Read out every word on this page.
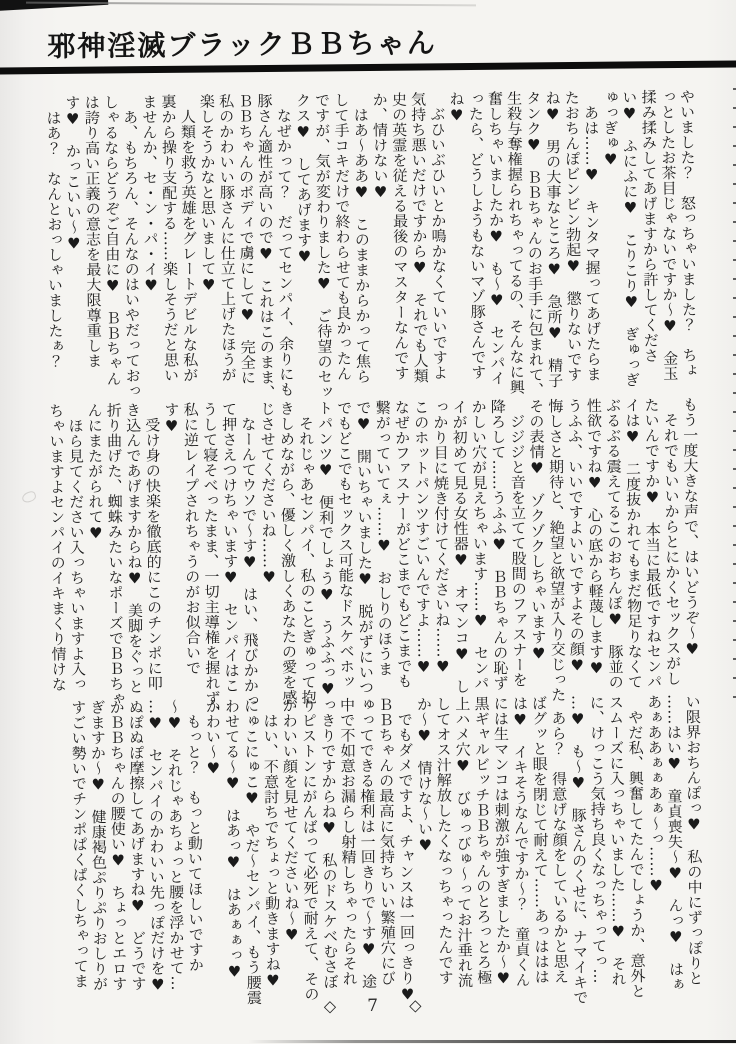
邪神淫滅ブラックＢＢちゃん
やいました？　怒っちゃいました？　ちょ
っとしたお茶目じゃないですか～♥　金玉
揉み揉みしてあげますから許してくださ
い♥　ふにふに♥　こりこり♥　ぎゅっぎ
ゅっぎゅ♥
　あは……♥　キンタマ握ってあげたらま
たおちんぽビンビン勃起♥　懲りないです
ね♥　男の大事なところ♥　急所♥　精子
タンク♥　ＢＢちゃんのお手手に包まれて、
生殺与奪権握られちゃってるの、そんなに興
奮しちゃいましたか♥　も～♥　センパイ
ったら、どうしようもないマゾ豚さんです
ね♥
　ぶひいぶひいとか鳴かなくていいですよ
気持ち悪いだけですから♥　それでも人類
史の英霊を従える最後のマスターなんです
か、情けない♥
　はあ～ああ♥　このままからかって焦ら
して手コキだけで終わらせても良かったん
ですが、気が変わりました♥　ご待望のセッ
クス♥　してあげます♥
　なぜかって？　だってセンパイ、余りにも
豚さん適性が高いので♥　これはこのまま、
ＢＢちゃんのボディで虜にして♥　完全に
私のかわいい豚さんに仕立て上げたほうが
楽しそうかなと思いまして♥
　人類を救う英雄をグレートデビルな私が
裏から操り支配する……楽しそうだと思い
ませんか、セ・ン・パ・イ♥
　あ、もちろん、そんなのはいやだっておっ
しゃるならどうぞご自由に♥　ＢＢちゃん
は誇り高い正義の意志を最大限尊重しま
す♥　かっこいい～♥
　はあ？　なんとおっしゃいましたぁ？
もう一度大きな声で、はいどうぞ～♥
　それでもいいからとにかくセックスがし
たいんですか♥　本当に最低ですねセンパ
イは♥　二度抜かれてもまだ物足りなくて
ぶるぶる震えてるこのおちんぽ♥　豚並の
性欲ですね♥　心の底から軽蔑します♥
うふふ、いいですよいいですよその顔♥
悔しさと期待と、絶望と欲望が入り交じった
その表情♥　ゾクゾクしちゃいます♥
　ジジジと音を立てて股間のファスナーを
降ろして……うふふ♥　ＢＢちゃんの恥ず
かしい穴が見えちゃいます……♥　センパ
イが初めて見る女性器♥　オマンコ♥　し
っかり目に焼き付けてくださいね……♥
このホットパンツすごいんですよ……♥
なぜかファスナーがどこまでもどこまでも
繋がっていてぇ……♥　おしりのほうま
で♥　開いちゃいました♥　脱がずにいつ
でもどこでもセックス可能なドスケベホッ
トパンツ♥　便利でしょう♥　うふふっ♥
　それじゃあセンパイ、私のことぎゅって抱
きしめながら、優しく激しくあなたの愛を感
じさせてくださいね……♥
　なーんてウソで～す♥　はい、飛びかかっ
て押さえつけちゃいます♥　センパイはこ
うして寝そべったまま、一切主導権を握れず、
私に逆レイプされちゃうのがお似合いで
す♥
　受け身の快楽を徹底的にこのチンポに叩
き込んであげますからね♥　美脚をぐっと
折り曲げた、蜘蛛みたいなポーズでＢＢちゃ
んにまたがられて♥
　ほら見てください入っちゃいますよ入っ
ちゃいますよセンパイのイキまくり情けな
い限界おちんぽっ♥　私の中にずっぽりと
……はい♥　童貞喪失～♥　んっ♥　はぁ
あぁああぁぁあぁ～っ……♥
　やだ私、興奮してたんでしょうか、意外と
スムーズに入っちゃいました……♥　それ
に、けっこう気持ち良くなっちゃってっ…
…♥　も～♥　豚さんのくせに、ナマイキで
　あら？　得意げな顔をしているかと思え
ばグッと眼を閉じて耐えて……あっははは
は♥　イキそうなんですか～？　童貞くん
には生マンコは刺激が強すぎましたか～♥
黒ギャルビッチＢＢちゃんのとろっとろ極
上ハメ穴♥　びゅっびゅ～ってお汁垂れ流
してオス汁解放したくなっちゃったんです
か～♥　情けな～い♥
　でもダメですよ、チャンスは一回っきり♥
ＢＢちゃんの最高に気持ちいい繁殖穴にび
ゅってできる権利は一回きりで～す♥　途
中で不如意お漏らし射精しちゃったらそれ
っきりですからね♥　私のドスケベむさぼ
りピストンにがんばって必死で耐えて、その
かわいい顔を見せてくださいね～♥
　はい、不意討ちでちょっと動きますね♥
にゅこにゅこ♥　やだ～センパイ、もう腰震
わせてる～♥　はあっ♥　はあぁぁっ♥
かわい～♥
　もっと？　もっと動いてほしいですか
～♥　それじゃあちょっと腰を浮かせて…
…♥　センパイのかわいい先っぽだけを♥
ぬぽぬぽ摩擦してあげますね♥　どうです
かＢＢちゃんの腰使い♥　ちょっとエロす
ぎますか～♥　健康褐色ぷりぷりおしりが
すごい勢いでチンポぱくぱくしちゃってま
◇ 7 ◇
